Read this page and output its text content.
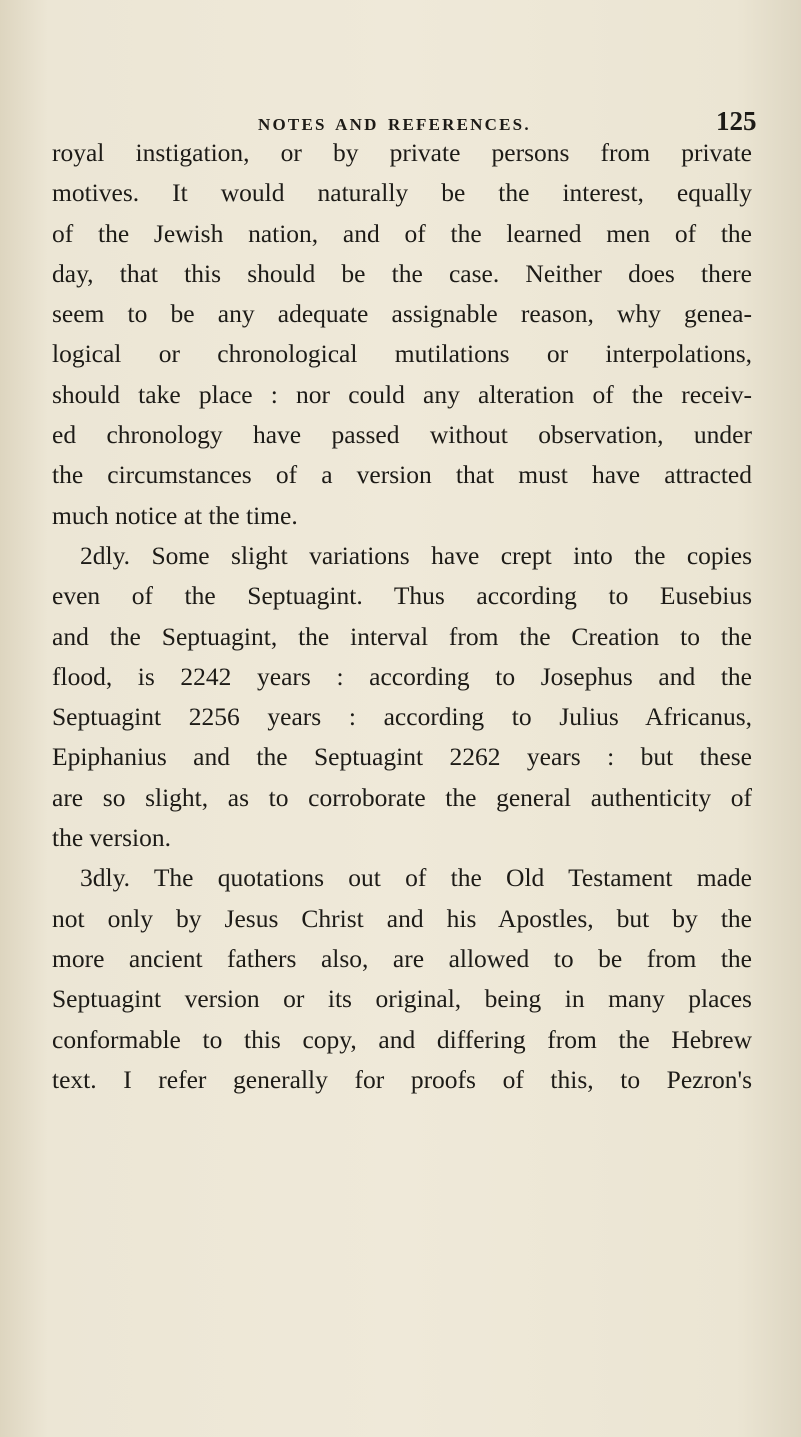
NOTES AND REFERENCES.	125
royal instigation, or by private persons from private
motives. It would naturally be the interest, equally
of the Jewish nation, and of the learned men of the
day, that this should be the case. Neither does there
seem to be any adequate assignable reason, why genea-
logical or chronological mutilations or interpolations,
should take place : nor could any alteration of the receiv-
ed chronology have passed without observation, under
the circumstances of a version that must have attracted
much notice at the time.
2dly. Some slight variations have crept into the copies
even of the Septuagint. Thus according to Eusebius
and the Septuagint, the interval from the Creation to the
flood, is 2242 years : according to Josephus and the
Septuagint 2256 years : according to Julius Africanus,
Epiphanius and the Septuagint 2262 years : but these
are so slight, as to corroborate the general authenticity of
the version.
3dly. The quotations out of the Old Testament made
not only by Jesus Christ and his Apostles, but by the
more ancient fathers also, are allowed to be from the
Septuagint version or its original, being in many places
conformable to this copy, and differing from the Hebrew
text. I refer generally for proofs of this, to Pezron's
